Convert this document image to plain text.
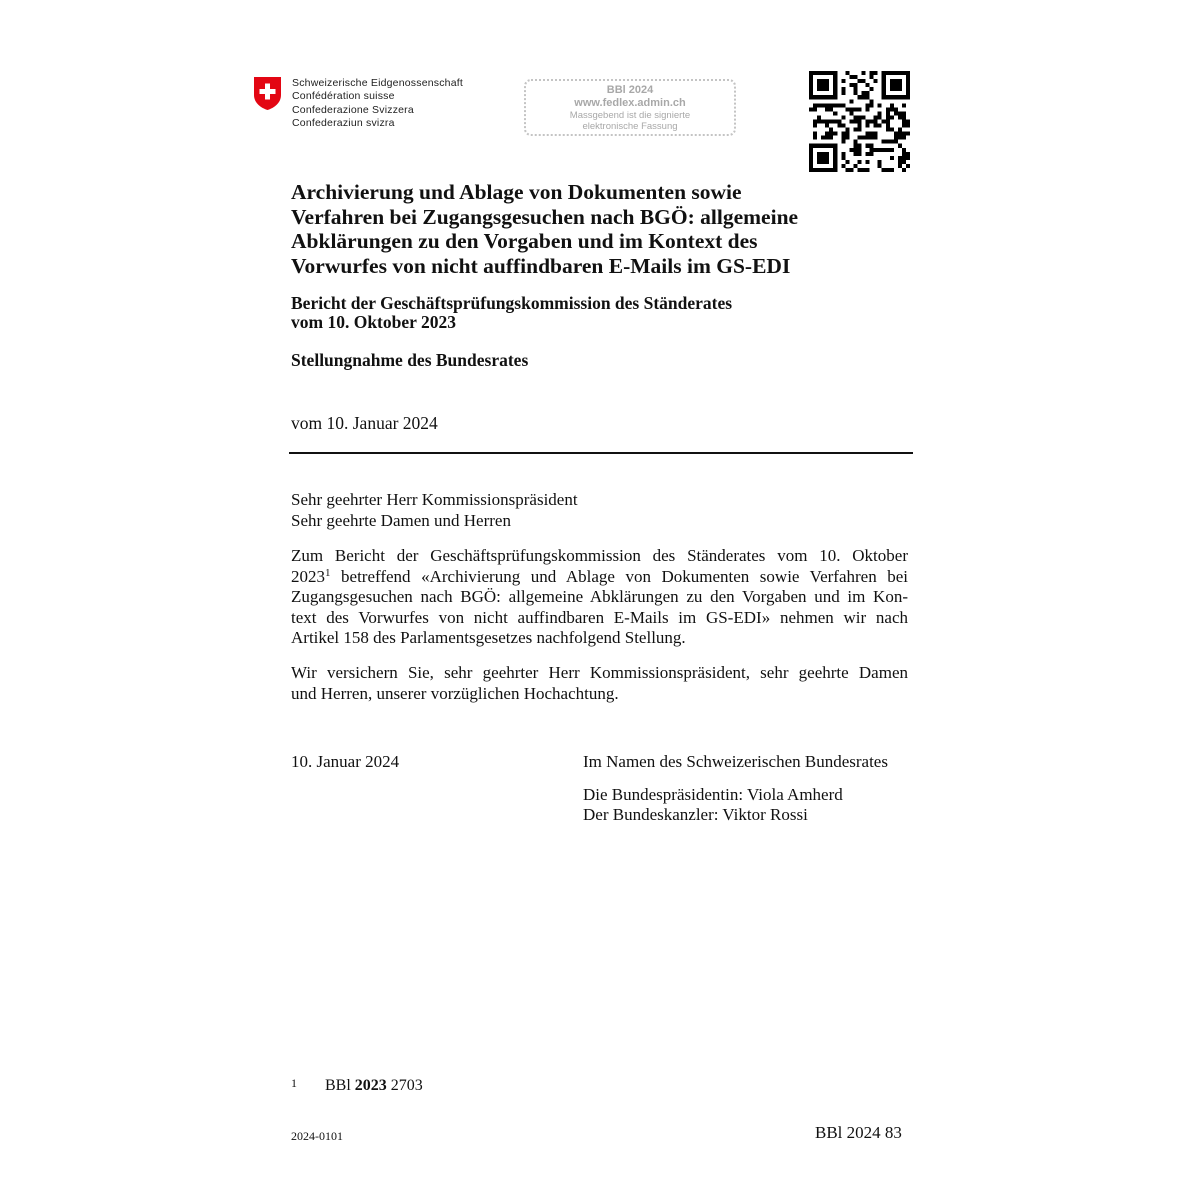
Schweizerische Eidgenossenschaft
Confédération suisse
Confederazione Svizzera
Confederaziun svizra
BBl 2024
www.fedlex.admin.ch
Massgebend ist die signierte
elektronische Fassung
Archivierung und Ablage von Dokumenten sowie
Verfahren bei Zugangsgesuchen nach BGÖ: allgemeine
Abklärungen zu den Vorgaben und im Kontext des
Vorwurfes von nicht auffindbaren E-Mails im GS-EDI
Bericht der Geschäftsprüfungskommission des Ständerates
vom 10. Oktober 2023
Stellungnahme des Bundesrates
vom 10. Januar 2024
Sehr geehrter Herr Kommissionspräsident
Sehr geehrte Damen und Herren
Zum Bericht der Geschäftsprüfungskommission des Ständerates vom 10. Oktober
2023$^1$ betreffend «Archivierung und Ablage von Dokumenten sowie Verfahren bei
Zugangsgesuchen nach BGÖ: allgemeine Abklärungen zu den Vorgaben und im Kon-
text des Vorwurfes von nicht auffindbaren E-Mails im GS-EDI» nehmen wir nach
Artikel 158 des Parlamentsgesetzes nachfolgend Stellung.
Wir versichern Sie, sehr geehrter Herr Kommissionspräsident, sehr geehrte Damen
und Herren, unserer vorzüglichen Hochachtung.
10. Januar 2024	Im Namen des Schweizerischen Bundesrates
Die Bundespräsidentin: Viola Amherd
Der Bundeskanzler: Viktor Rossi
1 BBl 2023 2703
2024-0101	BBl 2024 83
